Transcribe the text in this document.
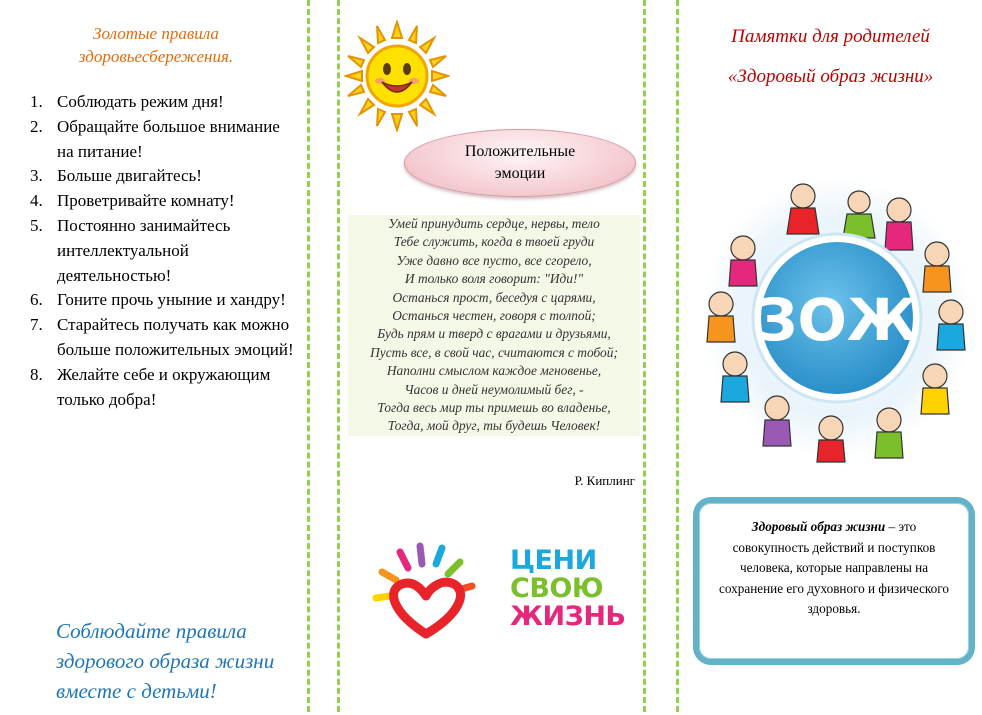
Золотые правила здоровьесбережения.
1. Соблюдать режим дня!
2. Обращайте большое внимание на питание!
3. Больше двигайтесь!
4. Проветривайте комнату!
5. Постоянно занимайтесь интеллектуальной деятельностью!
6. Гоните прочь уныние и хандру!
7. Старайтесь получать как можно больше положительных эмоций!
8. Желайте себе и окружающим только добра!
Соблюдайте правила здорового образа жизни вместе с детьми!
Положительные эмоции
Умей принудить сердце, нервы, тело
Тебе служить, когда в твоей груди
Уже давно все пусто, все сгорело,
И только воля говорит: "Иди!"
Останься прост, беседуя с царями,
Останься честен, говоря с толпой;
Будь прям и тверд с врагами и друзьями,
Пусть все, в свой час, считаются с тобой;
Наполни смыслом каждое мгновенье,
Часов и дней неумолимый бег, -
Тогда весь мир ты примешь во владенье,
Тогда, мой друг, ты будешь Человек!
Р. Киплинг
ЦЕНИ
СВОЮ
ЖИЗНЬ
Памятки для родителей
«Здоровый образ жизни»
ЗОЖ
Здоровый образ жизни – это совокупность действий и поступков человека, которые направлены на сохранение его духовного и физического здоровья.
